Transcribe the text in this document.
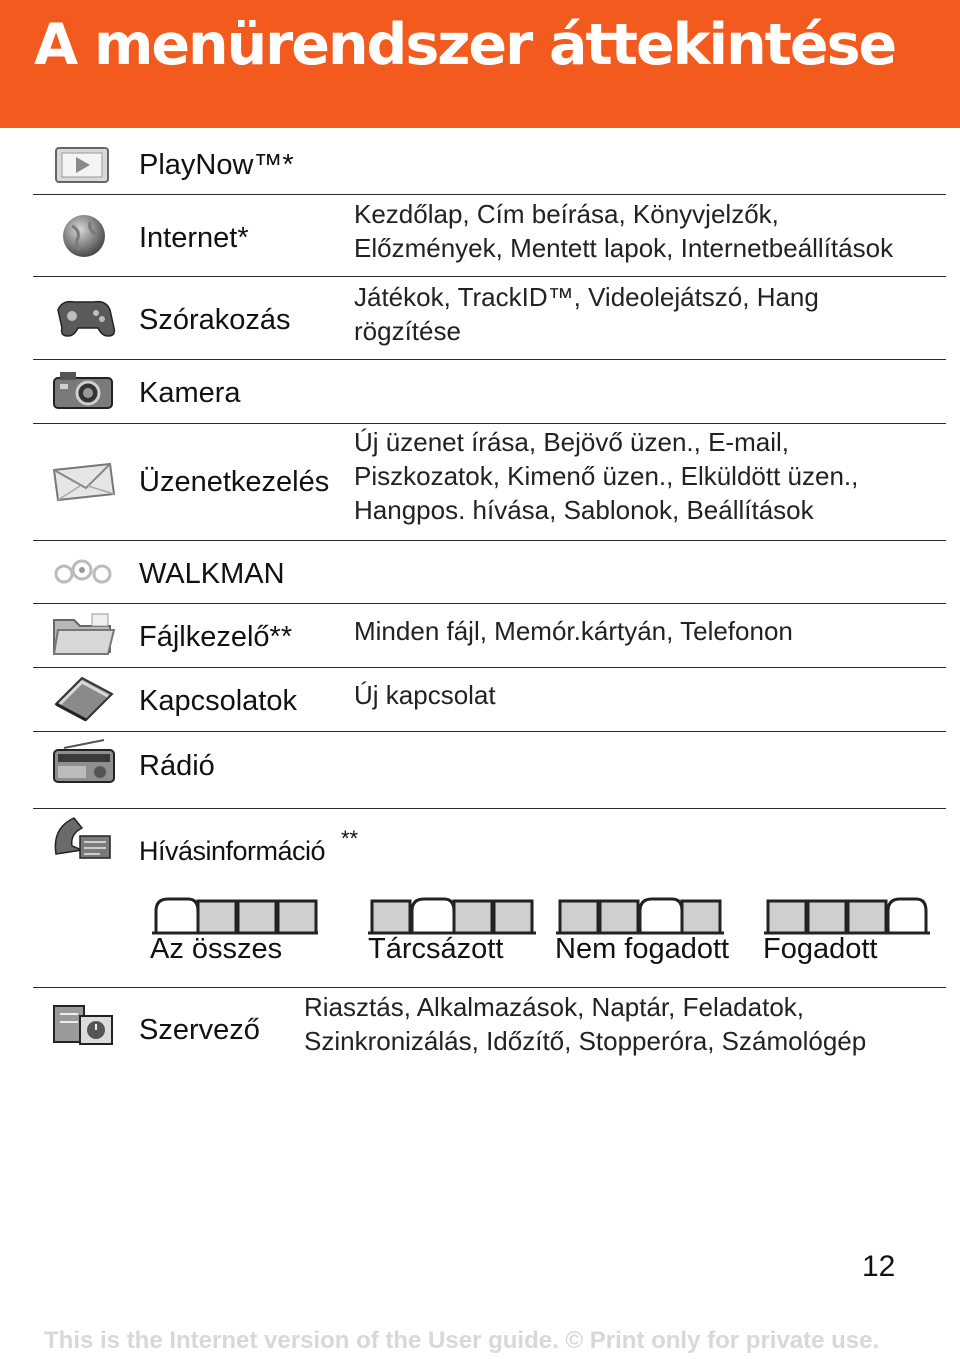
A menürendszer áttekintése
PlayNow™*
Internet*
Kezdőlap, Cím beírása, Könyvjelzők,
Előzmények, Mentett lapok, Internetbeállítások
Szórakozás
Játékok, TrackID™, Videolejátszó, Hang
rögzítése
Kamera
Üzenetkezelés
Új üzenet írása, Bejövő üzen., E-mail,
Piszkozatok, Kimenő üzen., Elküldött üzen.,
Hangpos. hívása, Sablonok, Beállítások
WALKMAN
Fájlkezelő** Minden fájl, Memór.kártyán, Telefonon
Kapcsolatok Új kapcsolat
Rádió
Hívásinformáció **
Az összes	Tárcsázott Nem fogadott Fogadott
Szervező
Riasztás, Alkalmazások, Naptár, Feladatok,
Szinkronizálás, Időzítő, Stopperóra, Számológép
12
This is the Internet version of the User guide. © Print only for private use.
